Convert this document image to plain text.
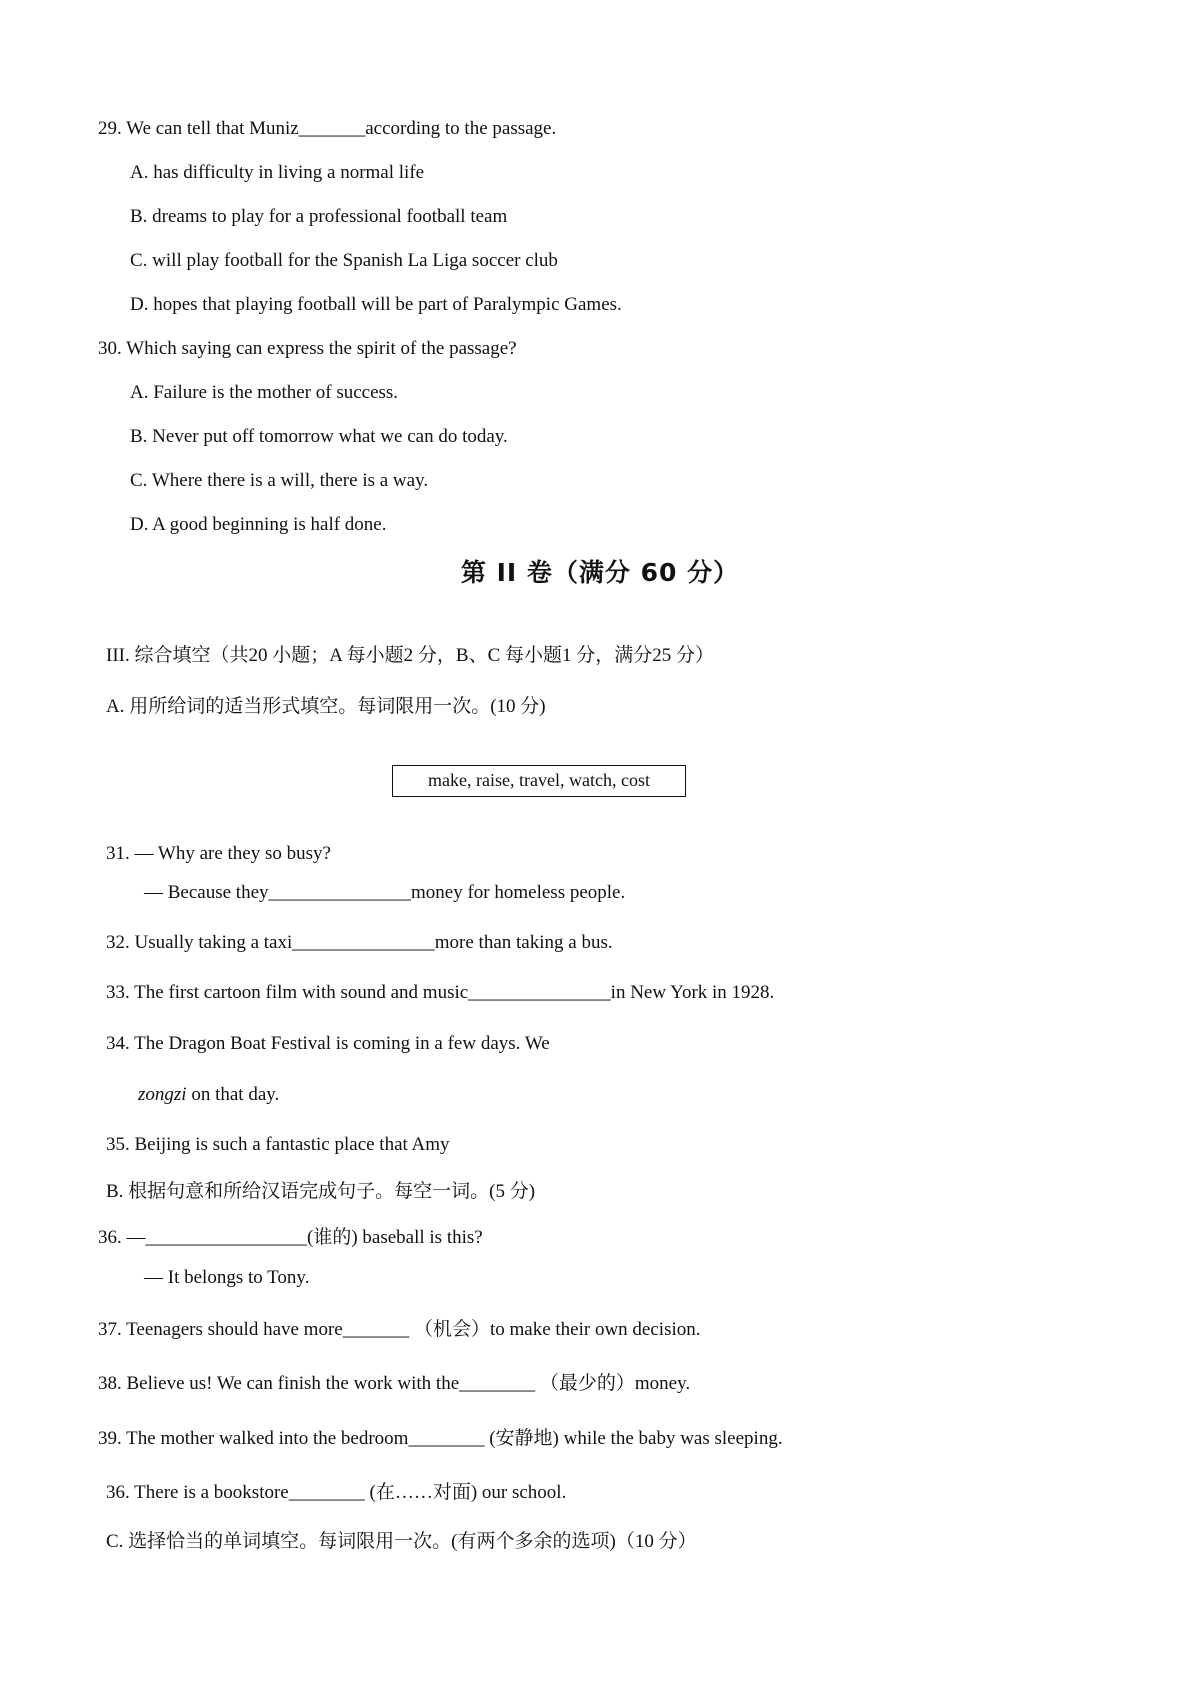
29. We can tell that Muniz_______according to the passage.
A. has difficulty in living a normal life
B. dreams to play for a professional football team
C. will play football for the Spanish La Liga soccer club
D. hopes that playing football will be part of Paralympic Games.
30. Which saying can express the spirit of the passage?
A. Failure is the mother of success.
B. Never put off tomorrow what we can do today.
C. Where there is a will, there is a way.
D. A good beginning is half done.
第 II 卷（满分 60 分）
III. 综合填空（共20 小题；A 每小题2 分，B、C 每小题1 分，满分25 分）
A. 用所给词的适当形式填空。每词限用一次。(10 分)
make, raise, travel, watch, cost
31. — Why are they so busy?
— Because they_______________money for homeless people.
32. Usually taking a taxi_______________more than taking a bus.
33. The first cartoon film with sound and music_______________in New York in 1928.
34. The Dragon Boat Festival is coming in a few days. We
zongzi on that day.
35. Beijing is such a fantastic place that Amy
B. 根据句意和所给汉语完成句子。每空一词。(5 分)
36. —_________________(谁的) baseball is this?
— It belongs to Tony.
37. Teenagers should have more_______ （机会）to make their own decision.
38. Believe us! We can finish the work with the________ （最少的）money.
39. The mother walked into the bedroom________ (安静地) while the baby was sleeping.
36. There is a bookstore________ (在……对面) our school.
C. 选择恰当的单词填空。每词限用一次。(有两个多余的选项)（10 分）
